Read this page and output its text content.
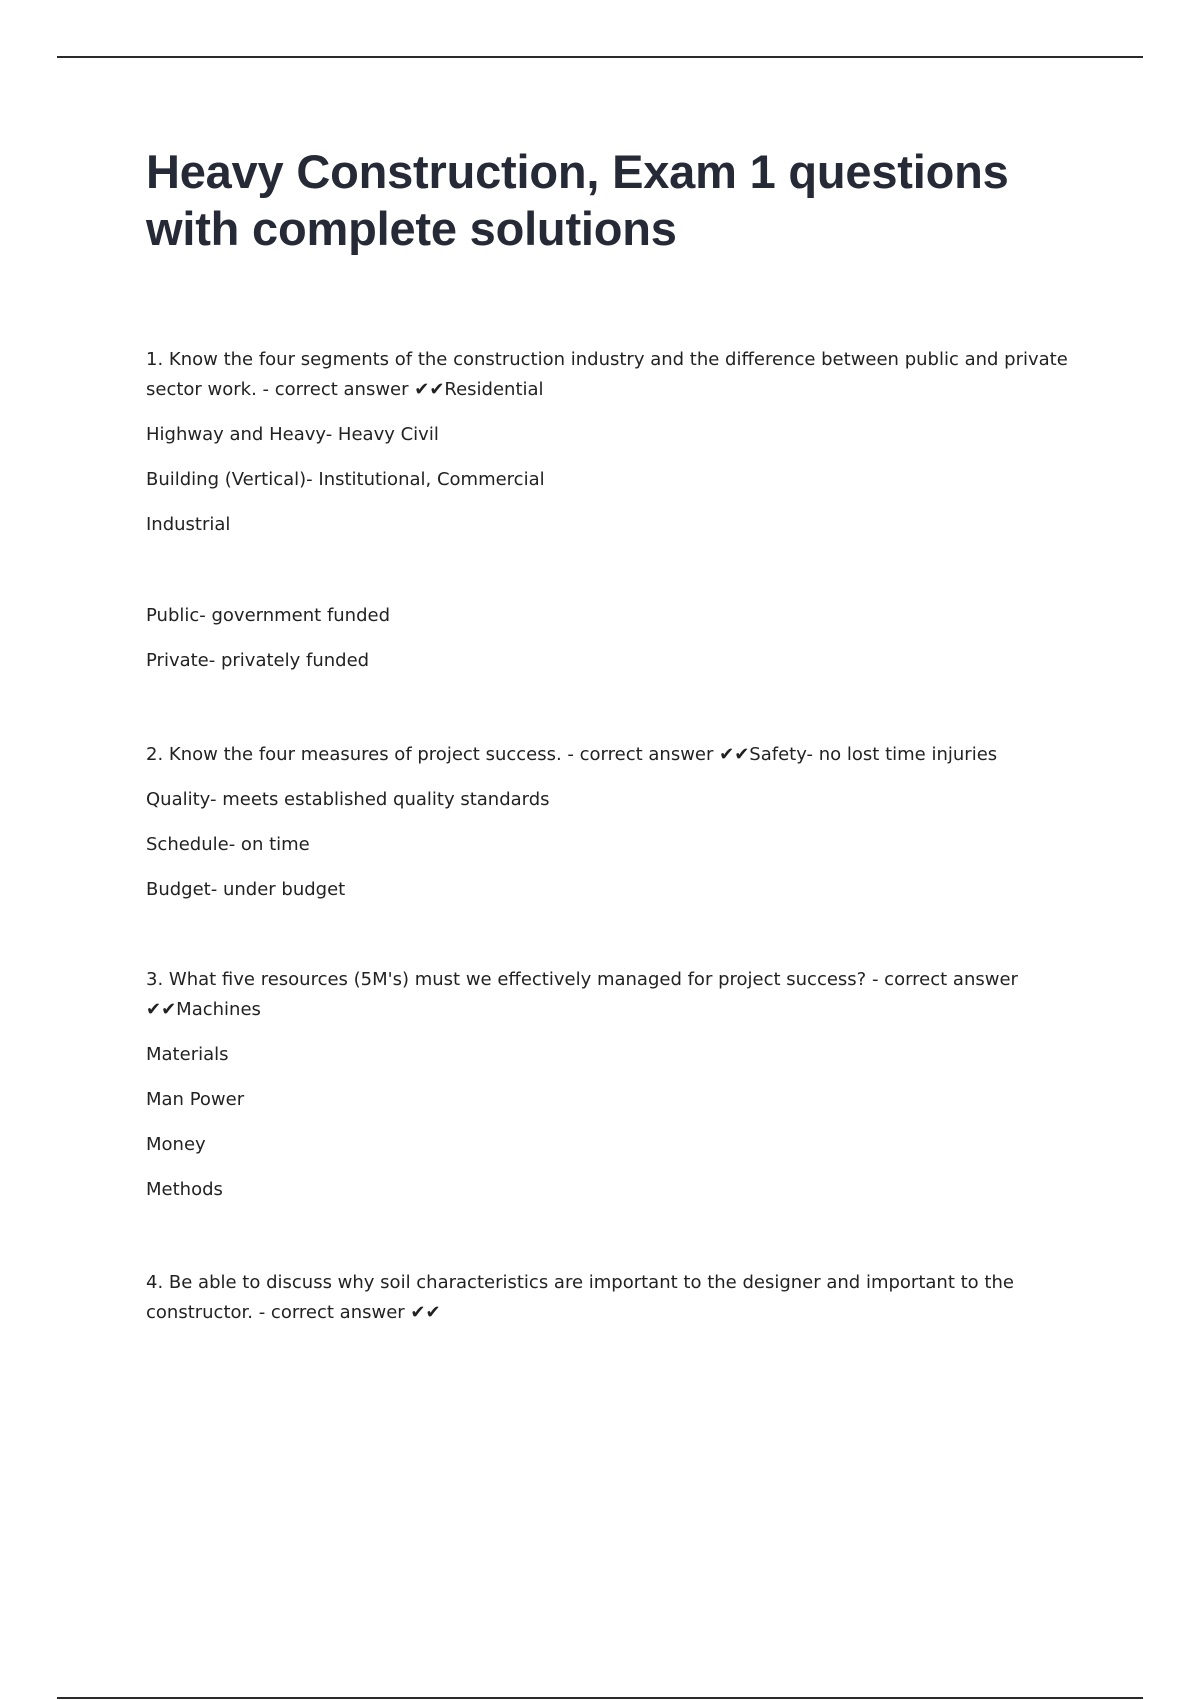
Heavy Construction, Exam 1 questions with complete solutions

1. Know the four segments of the construction industry and the difference between public and private sector work. - correct answer ✔✔Residential

Highway and Heavy- Heavy Civil

Building (Vertical)- Institutional, Commercial

Industrial

Public- government funded

Private- privately funded

2. Know the four measures of project success. - correct answer ✔✔Safety- no lost time injuries

Quality- meets established quality standards

Schedule- on time

Budget- under budget

3. What five resources (5M's) must we effectively managed for project success? - correct answer ✔✔Machines

Materials

Man Power

Money

Methods

4. Be able to discuss why soil characteristics are important to the designer and important to the constructor. - correct answer ✔✔
